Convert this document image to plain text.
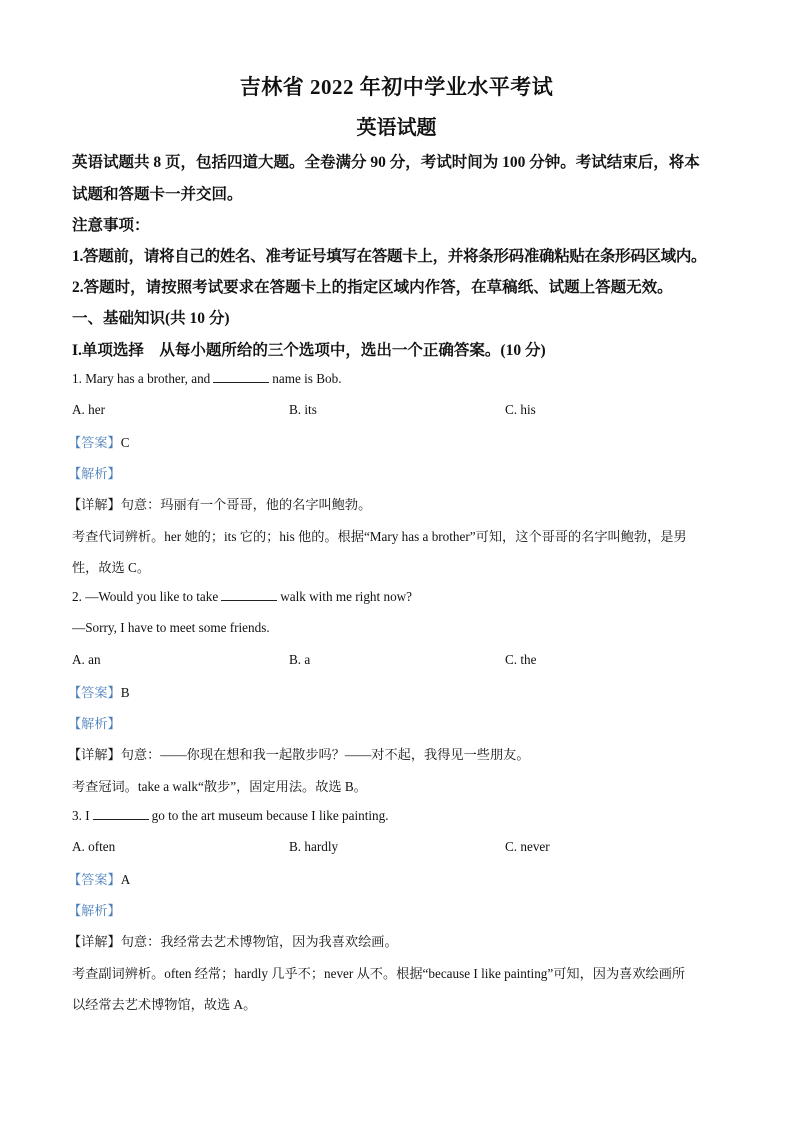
吉林省 2022 年初中学业水平考试
英语试题
英语试题共 8 页，包括四道大题。全卷满分 90 分，考试时间为 100 分钟。考试结束后，将本
试题和答题卡一并交回。
注意事项：
1.答题前，请将自己的姓名、准考证号填写在答题卡上，并将条形码准确粘贴在条形码区域内。
2.答题时，请按照考试要求在答题卡上的指定区域内作答，在草稿纸、试题上答题无效。
一、基础知识(共 10 分)
I.单项选择　从每小题所给的三个选项中，选出一个正确答案。(10 分)
1. Mary has a brother, and	name is Bob.
A. her	B. its	C. his
【答案】C
【解析】
【详解】句意：玛丽有一个哥哥，他的名字叫鲍勃。
考查代词辨析。her 她的；its 它的；his 他的。根据“Mary has a brother”可知，这个哥哥的名字叫鲍勃，是男
性，故选 C。
2. —Would you like to take	walk with me right now?
—Sorry, I have to meet some friends.
A. an	B. a	C. the
【答案】B
【解析】
【详解】句意：——你现在想和我一起散步吗？——对不起，我得见一些朋友。
考查冠词。take a walk“散步”，固定用法。故选 B。
3. I	go to the art museum because I like painting.
A. often	B. hardly	C. never
【答案】A
【解析】
【详解】句意：我经常去艺术博物馆，因为我喜欢绘画。
考查副词辨析。often 经常；hardly 几乎不；never 从不。根据“because I like painting”可知，因为喜欢绘画所
以经常去艺术博物馆，故选 A。
